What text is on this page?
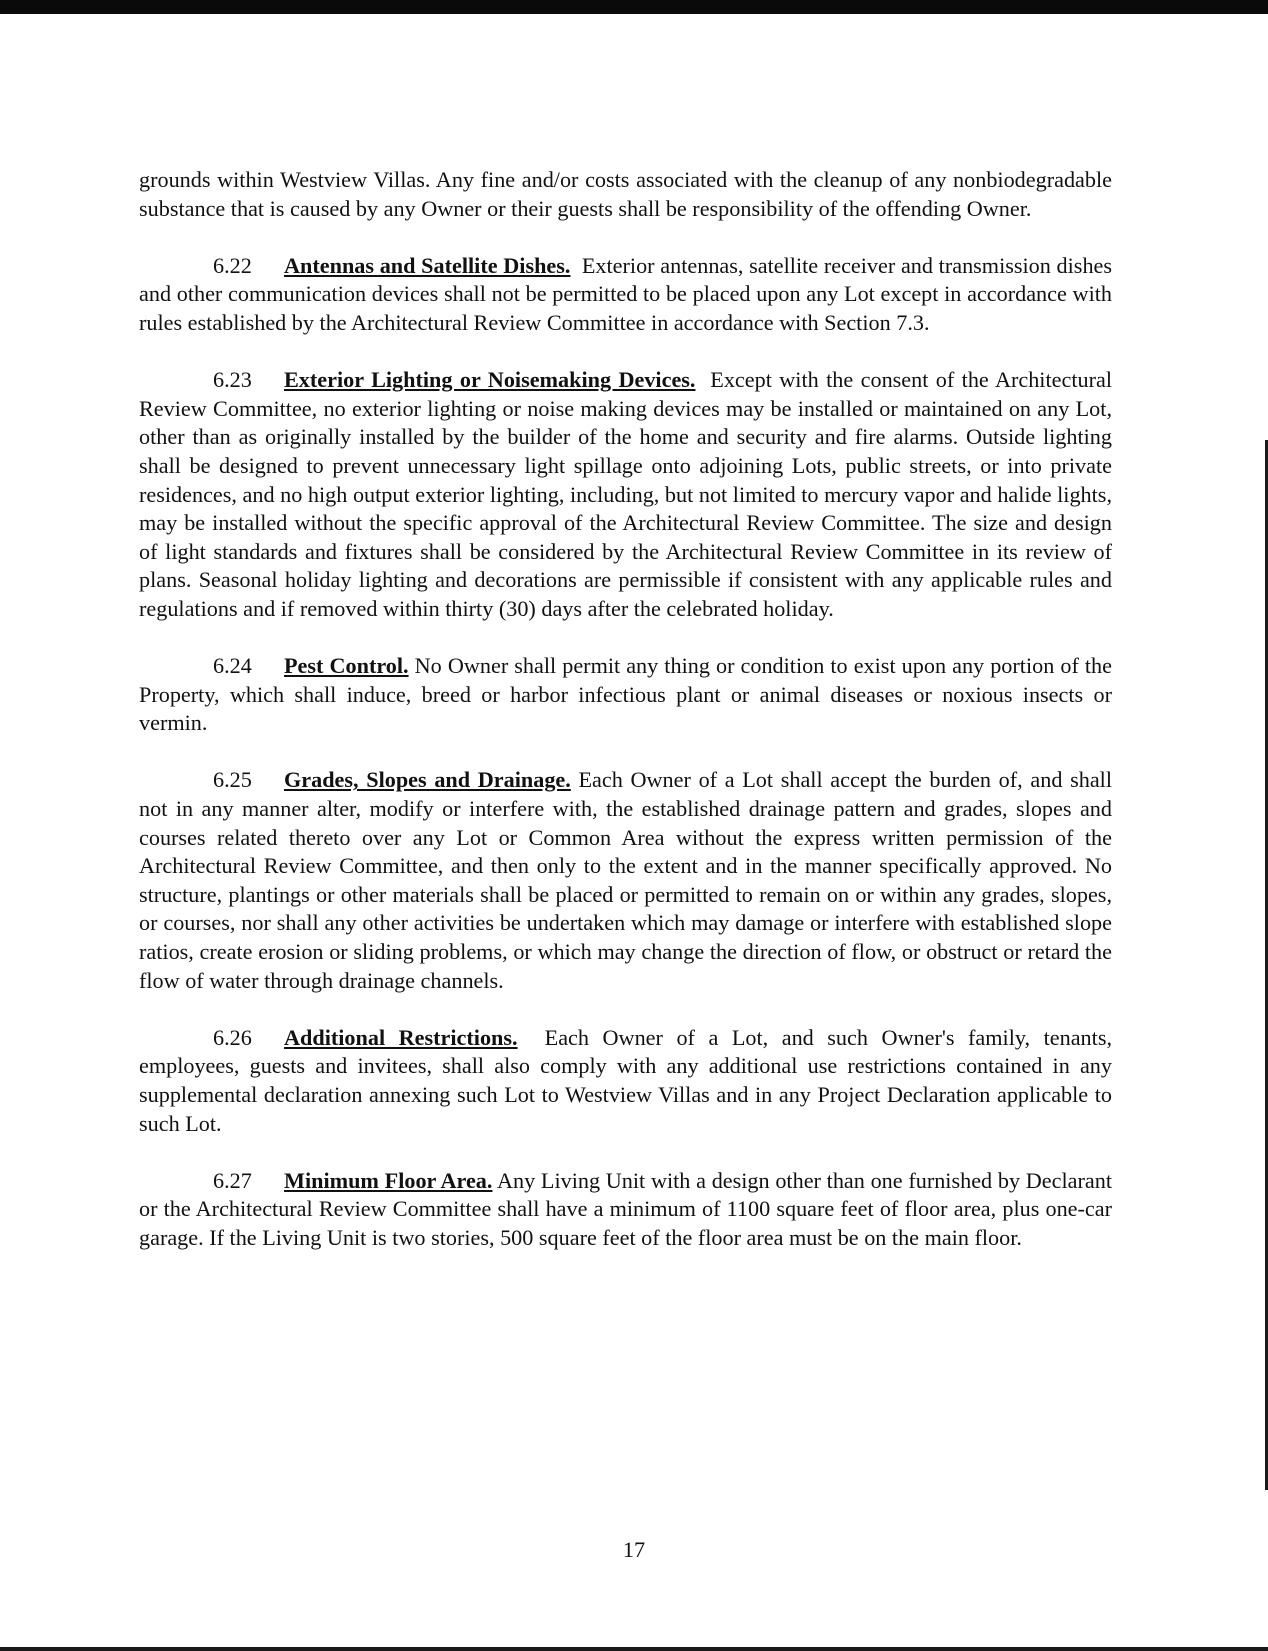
grounds within Westview Villas. Any fine and/or costs associated with the cleanup of any nonbiodegradable substance that is caused by any Owner or their guests shall be responsibility of the offending Owner.

6.22 Antennas and Satellite Dishes. Exterior antennas, satellite receiver and transmission dishes and other communication devices shall not be permitted to be placed upon any Lot except in accordance with rules established by the Architectural Review Committee in accordance with Section 7.3.

6.23 Exterior Lighting or Noisemaking Devices. Except with the consent of the Architectural Review Committee, no exterior lighting or noise making devices may be installed or maintained on any Lot, other than as originally installed by the builder of the home and security and fire alarms. Outside lighting shall be designed to prevent unnecessary light spillage onto adjoining Lots, public streets, or into private residences, and no high output exterior lighting, including, but not limited to mercury vapor and halide lights, may be installed without the specific approval of the Architectural Review Committee. The size and design of light standards and fixtures shall be considered by the Architectural Review Committee in its review of plans. Seasonal holiday lighting and decorations are permissible if consistent with any applicable rules and regulations and if removed within thirty (30) days after the celebrated holiday.

6.24 Pest Control. No Owner shall permit any thing or condition to exist upon any portion of the Property, which shall induce, breed or harbor infectious plant or animal diseases or noxious insects or vermin.

6.25 Grades, Slopes and Drainage. Each Owner of a Lot shall accept the burden of, and shall not in any manner alter, modify or interfere with, the established drainage pattern and grades, slopes and courses related thereto over any Lot or Common Area without the express written permission of the Architectural Review Committee, and then only to the extent and in the manner specifically approved. No structure, plantings or other materials shall be placed or permitted to remain on or within any grades, slopes, or courses, nor shall any other activities be undertaken which may damage or interfere with established slope ratios, create erosion or sliding problems, or which may change the direction of flow, or obstruct or retard the flow of water through drainage channels.

6.26 Additional Restrictions. Each Owner of a Lot, and such Owner's family, tenants, employees, guests and invitees, shall also comply with any additional use restrictions contained in any supplemental declaration annexing such Lot to Westview Villas and in any Project Declaration applicable to such Lot.

6.27 Minimum Floor Area. Any Living Unit with a design other than one furnished by Declarant or the Architectural Review Committee shall have a minimum of 1100 square feet of floor area, plus one-car garage. If the Living Unit is two stories, 500 square feet of the floor area must be on the main floor.

17
